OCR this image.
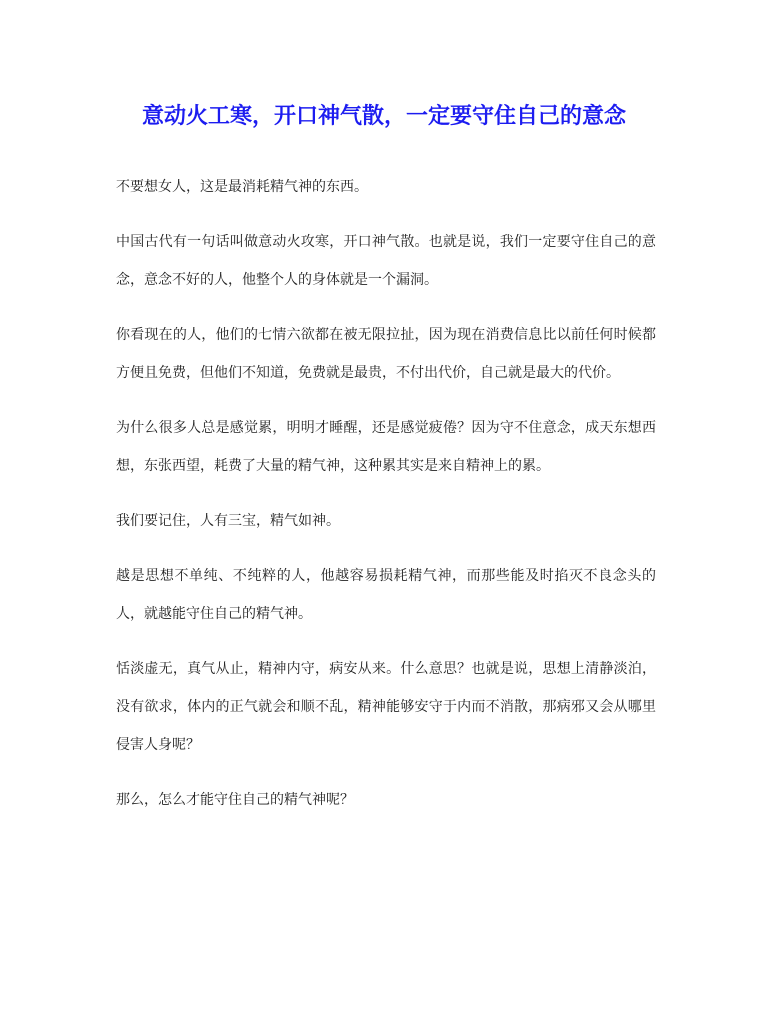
意动火工寒，开口神气散，一定要守住自己的意念

不要想女人，这是最消耗精气神的东西。

中国古代有一句话叫做意动火攻寒，开口神气散。也就是说，我们一定要守住自己的意念，意念不好的人，他整个人的身体就是一个漏洞。

你看现在的人，他们的七情六欲都在被无限拉扯，因为现在消费信息比以前任何时候都方便且免费，但他们不知道，免费就是最贵，不付出代价，自己就是最大的代价。

为什么很多人总是感觉累，明明才睡醒，还是感觉疲倦？因为守不住意念，成天东想西想，东张西望，耗费了大量的精气神，这种累其实是来自精神上的累。

我们要记住，人有三宝，精气如神。

越是思想不单纯、不纯粹的人，他越容易损耗精气神，而那些能及时掐灭不良念头的人，就越能守住自己的精气神。

恬淡虚无，真气从止，精神内守，病安从来。什么意思？也就是说，思想上清静淡泊，没有欲求，体内的正气就会和顺不乱，精神能够安守于内而不消散，那病邪又会从哪里侵害人身呢？

那么，怎么才能守住自己的精气神呢？
